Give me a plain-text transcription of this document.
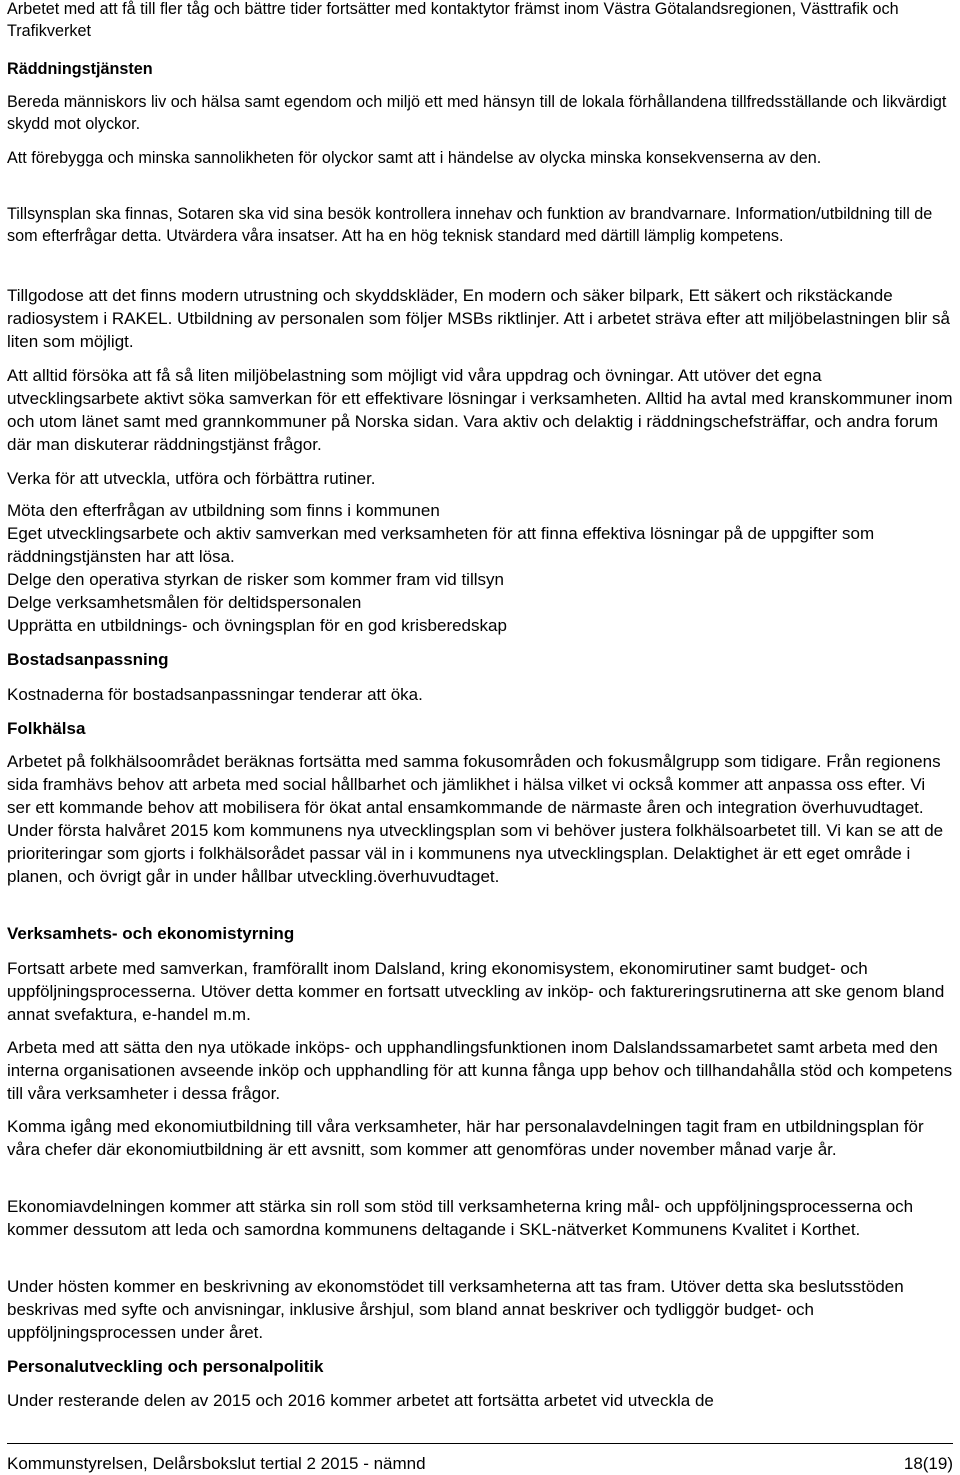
Arbetet med att få till fler tåg och bättre tider fortsätter med kontaktytor främst inom Västra Götalandsregionen, Västtrafik och Trafikverket

Räddningstjänsten

Bereda människors liv och hälsa samt egendom och miljö ett med hänsyn till de lokala förhållandena tillfredsställande och likvärdigt skydd mot olyckor.

Att förebygga och minska sannolikheten för olyckor samt att i händelse av olycka minska konsekvenserna av den.

Tillsynsplan ska finnas, Sotaren ska vid sina besök kontrollera innehav och funktion av brandvarnare. Information/utbildning till de som efterfrågar detta. Utvärdera våra insatser. Att ha en hög teknisk standard med därtill lämplig kompetens.

Tillgodose att det finns modern utrustning och skyddskläder, En modern och säker bilpark, Ett säkert och rikstäckande radiosystem i RAKEL. Utbildning av personalen som följer MSBs riktlinjer. Att i arbetet sträva efter att miljöbelastningen blir så liten som möjligt.

Att alltid försöka att få så liten miljöbelastning som möjligt vid våra uppdrag och övningar. Att utöver det egna utvecklingsarbete aktivt söka samverkan för ett effektivare lösningar i verksamheten. Alltid ha avtal med kranskommuner inom och utom länet samt med grannkommuner på Norska sidan. Vara aktiv och delaktig i räddningschefsträffar, och andra forum där man diskuterar räddningstjänst frågor.

Verka för att utveckla, utföra och förbättra rutiner.

Möta den efterfrågan av utbildning som finns i kommunen
Eget utvecklingsarbete och aktiv samverkan med verksamheten för att finna effektiva lösningar på de uppgifter som räddningstjänsten har att lösa.
Delge den operativa styrkan de risker som kommer fram vid tillsyn
Delge verksamhetsmålen för deltidspersonalen
Upprätta en utbildnings- och övningsplan för en god krisberedskap

Bostadsanpassning

Kostnaderna för bostadsanpassningar tenderar att öka.

Folkhälsa

Arbetet på folkhälsoområdet beräknas fortsätta med samma fokusområden och fokusmålgrupp som tidigare. Från regionens sida framhävs behov att arbeta med social hållbarhet och jämlikhet i hälsa vilket vi också kommer att anpassa oss efter. Vi ser ett kommande behov att mobilisera för ökat antal ensamkommande de närmaste åren och integration överhuvudtaget. Under första halvåret 2015 kom kommunens nya utvecklingsplan som vi behöver justera folkhälsoarbetet till. Vi kan se att de prioriteringar som gjorts i folkhälsorådet passar väl in i kommunens nya utvecklingsplan. Delaktighet är ett eget område i planen, och övrigt går in under hållbar utveckling.överhuvudtaget.

Verksamhets- och ekonomistyrning

Fortsatt arbete med samverkan, framförallt inom Dalsland, kring ekonomisystem, ekonomirutiner samt budget- och uppföljningsprocesserna. Utöver detta kommer en fortsatt utveckling av inköp- och faktureringsrutinerna att ske genom bland annat svefaktura, e-handel m.m.

Arbeta med att sätta den nya utökade inköps- och upphandlingsfunktionen inom Dalslandssamarbetet samt arbeta med den interna organisationen avseende inköp och upphandling för att kunna fånga upp behov och tillhandahålla stöd och kompetens till våra verksamheter i dessa frågor.

Komma igång med ekonomiutbildning till våra verksamheter, här har personalavdelningen tagit fram en utbildningsplan för våra chefer där ekonomiutbildning är ett avsnitt, som kommer att genomföras under november månad varje år.

Ekonomiavdelningen kommer att stärka sin roll som stöd till verksamheterna kring mål- och uppföljningsprocesserna och kommer dessutom att leda och samordna kommunens deltagande i SKL-nätverket Kommunens Kvalitet i Korthet.

Under hösten kommer en beskrivning av ekonomstödet till verksamheterna att tas fram. Utöver detta ska beslutsstöden beskrivas med syfte och anvisningar, inklusive årshjul, som bland annat beskriver och tydliggör budget- och uppföljningsprocessen under året.

Personalutveckling och personalpolitik

Under resterande delen av 2015 och 2016 kommer arbetet att fortsätta arbetet vid utveckla de

Kommunstyrelsen, Delårsbokslut tertial 2 2015 - nämnd	18(19)
